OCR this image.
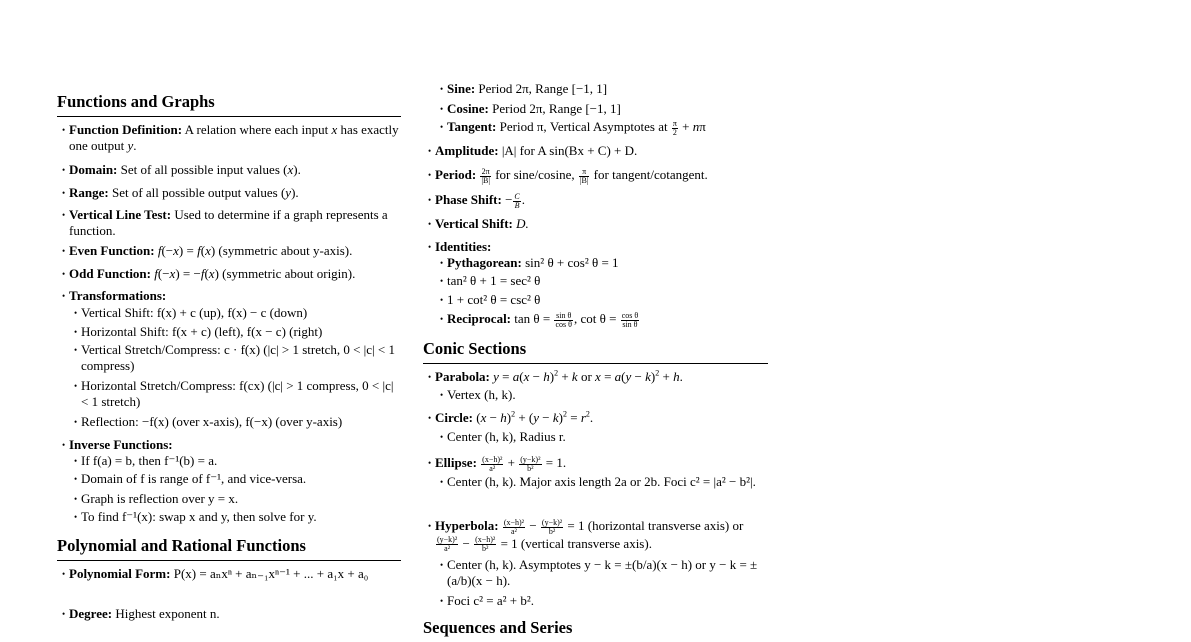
Functions and Graphs
• Function Definition: A relation where each input x has exactly one output y.
• Domain: Set of all possible input values (x).
• Range: Set of all possible output values (y).
• Vertical Line Test: Used to determine if a graph represents a function.
• Even Function: f(−x) = f(x) (symmetric about y-axis).
• Odd Function: f(−x) = −f(x) (symmetric about origin).
• Transformations:
• Vertical Shift: f(x) + c (up), f(x) − c (down)
• Horizontal Shift: f(x + c) (left), f(x − c) (right)
• Vertical Stretch/Compress: c · f(x) (|c| > 1 stretch, 0 < |c| < 1 compress)
• Horizontal Stretch/Compress: f(cx) (|c| > 1 compress, 0 < |c| < 1 stretch)
• Reflection: −f(x) (over x-axis), f(−x) (over y-axis)
• Inverse Functions:
• If f(a) = b, then f⁻¹(b) = a.
• Domain of f is range of f⁻¹, and vice-versa.
• Graph is reflection over y = x.
• To find f⁻¹(x): swap x and y, then solve for y.
Polynomial and Rational Functions
• Polynomial Form: P(x) = aₙxⁿ + aₙ₋₁xⁿ⁻¹ + ... + a₁x + a₀
• Degree: Highest exponent n.
• Sine: Period 2π, Range [−1, 1]
• Cosine: Period 2π, Range [−1, 1]
• Tangent: Period π, Vertical Asymptotes at $\frac{\pi}{2} + n\pi$
• Amplitude: |A| for A sin(Bx + C) + D.
• Period: $\frac{2\pi}{|B|}$ for sine/cosine, $\frac{\pi}{|B|}$ for tangent/cotangent.
• Phase Shift: − $\frac{C}{B}$ .
• Vertical Shift: D.
• Identities:
• Pythagorean: sin² θ + cos² θ = 1
• tan² θ + 1 = sec² θ
• 1 + cot² θ = csc² θ
• Reciprocal: $\tan \theta = \frac{\text{sin θ}}{\text{cos θ}}$ , $\cot \theta = \frac{\text{cos θ}}{\text{sin θ}}$
Conic Sections
• Parabola: $y = a(x - h)^2 + k$ or $x = a(y - k)^2 + h$.
• Vertex (h, k).
• Circle: $(x - h)^2 + (y - k)^2 = r^2$.
• Center (h, k), Radius r.
• Ellipse: $\frac{\text{(x−h)²}}{\text{a²}} + \frac{\text{(y−k)²}}{\text{b²}} = 1$.
• Center (h, k). Major axis length 2a or 2b. Foci c² = |a² − b²|.
• Hyperbola: $\frac{\text{(x−h)²}}{\text{a²}} - \frac{\text{(y−k)²}}{\text{b²}} = 1$ (horizontal transverse axis) or
$\frac{\text{(y−k)²}}{\text{a²}} - \frac{\text{(x−h)²}}{\text{b²}} = 1$ (vertical transverse axis).
• Center (h, k). Asymptotes y − k = ±(b/a)(x − h) or y − k = ±(a/b)(x − h).
• Foci c² = a² + b².
Sequences and Series
